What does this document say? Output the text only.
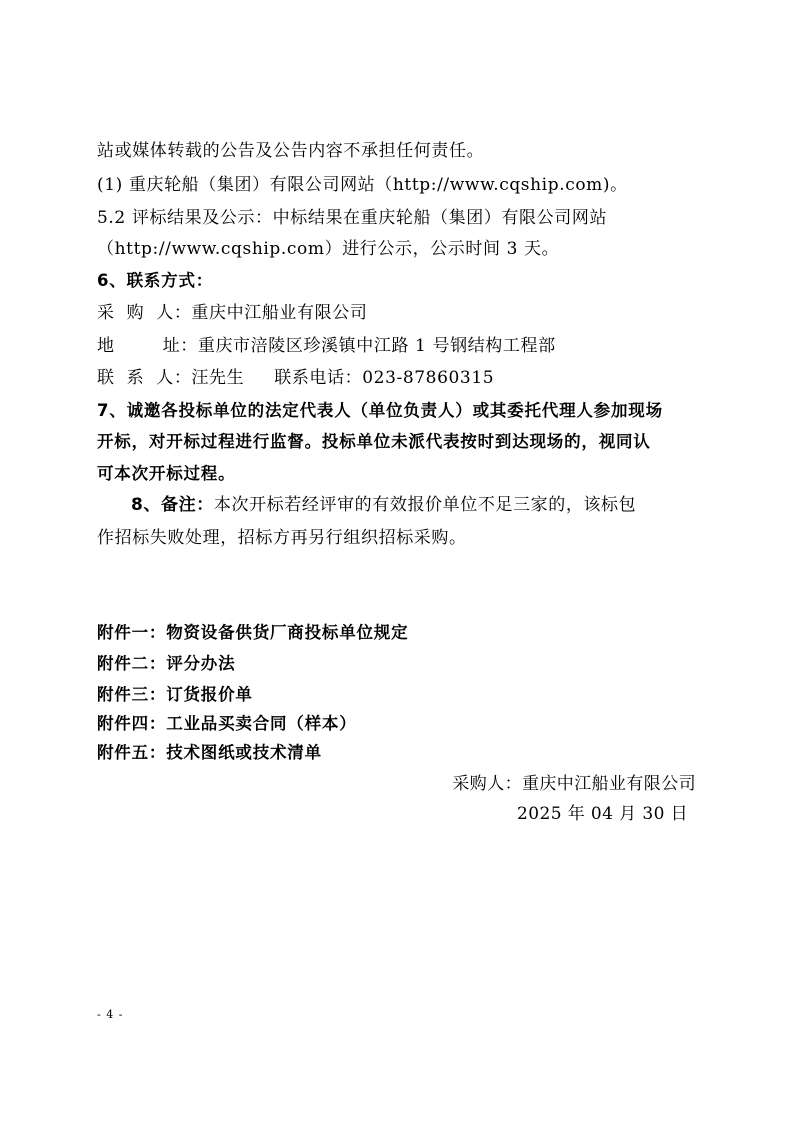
站或媒体转载的公告及公告内容不承担任何责任。
(1) 重庆轮船（集团）有限公司网站（http://www.cqship.com)。
5.2 评标结果及公示：中标结果在重庆轮船（集团）有限公司网站
（http://www.cqship.com）进行公示，公示时间 3 天。
6、联系方式：
采  购  人：重庆中江船业有限公司
地        址：重庆市涪陵区珍溪镇中江路 1 号钢结构工程部
联  系  人：汪先生 联系电话：023-87860315
7、诚邀各投标单位的法定代表人（单位负责人）或其委托代理人参加现场
开标，对开标过程进行监督。投标单位未派代表按时到达现场的，视同认
可本次开标过程。
8、备注：本次开标若经评审的有效报价单位不足三家的，该标包
作招标失败处理，招标方再另行组织招标采购。
附件一：物资设备供货厂商投标单位规定
附件二：评分办法
附件三：订货报价单
附件四：工业品买卖合同（样本）
附件五：技术图纸或技术清单
采购人：重庆中江船业有限公司
2025 年 04 月 30 日
- 4 -
